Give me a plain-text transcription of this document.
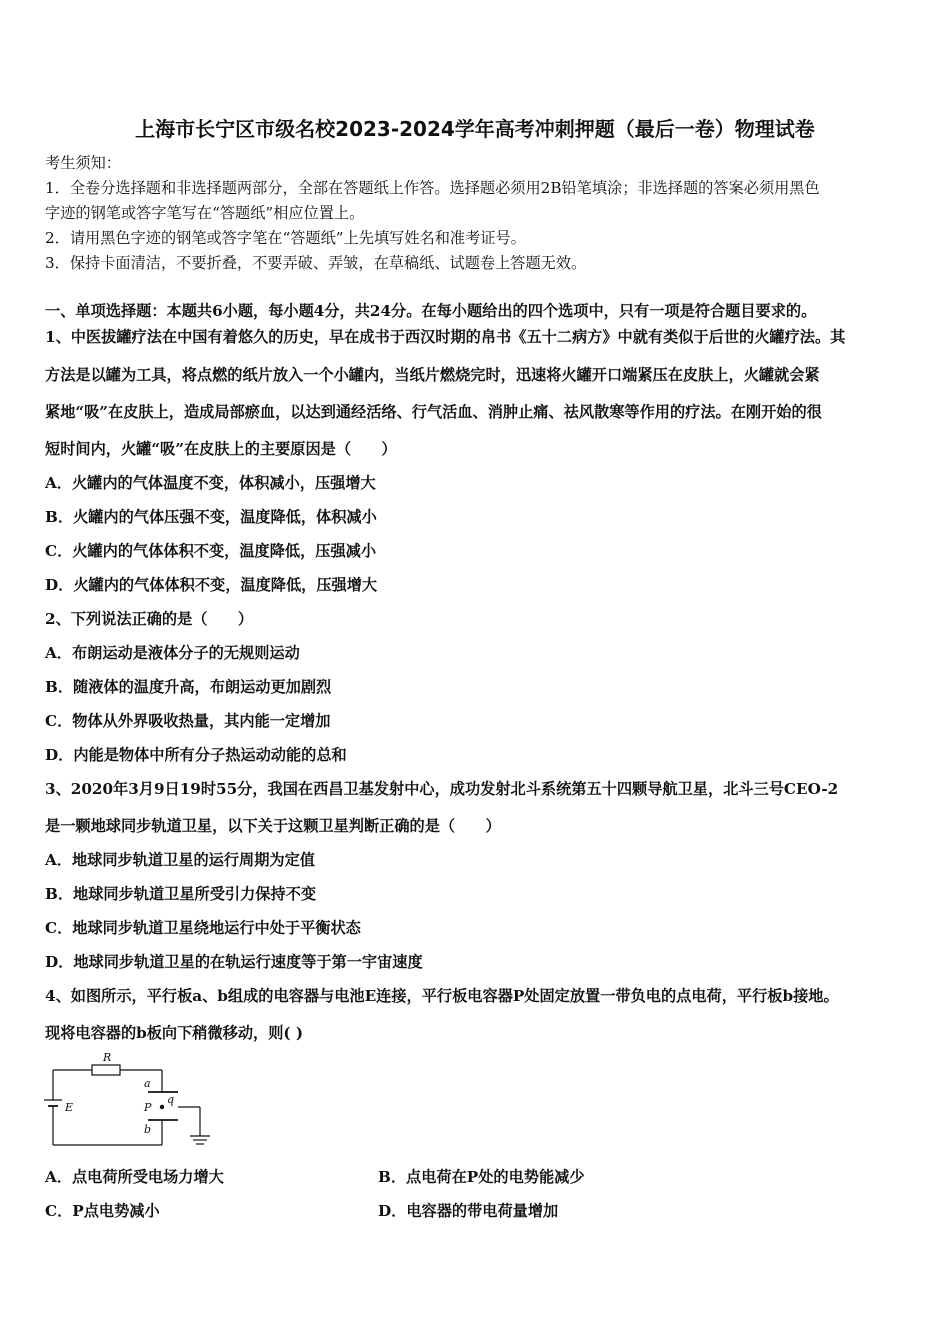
上海市长宁区市级名校2023-2024学年高考冲刺押题（最后一卷）物理试卷
考生须知：
1．全卷分选择题和非选择题两部分，全部在答题纸上作答。选择题必须用2B铅笔填涂；非选择题的答案必须用黑色
字迹的钢笔或答字笔写在“答题纸”相应位置上。
2．请用黑色字迹的钢笔或答字笔在“答题纸”上先填写姓名和准考证号。
3．保持卡面清洁，不要折叠，不要弄破、弄皱，在草稿纸、试题卷上答题无效。
一、单项选择题：本题共6小题，每小题4分，共24分。在每小题给出的四个选项中，只有一项是符合题目要求的。
1、中医拔罐疗法在中国有着悠久的历史，早在成书于西汉时期的帛书《五十二病方》中就有类似于后世的火罐疗法。其
方法是以罐为工具，将点燃的纸片放入一个小罐内，当纸片燃烧完时，迅速将火罐开口端紧压在皮肤上，火罐就会紧
紧地“吸”在皮肤上，造成局部瘀血，以达到通经活络、行气活血、消肿止痛、祛风散寒等作用的疗法。在刚开始的很
短时间内，火罐“吸”在皮肤上的主要原因是（　　）
A．火罐内的气体温度不变，体积减小，压强增大
B．火罐内的气体压强不变，温度降低，体积减小
C．火罐内的气体体积不变，温度降低，压强减小
D．火罐内的气体体积不变，温度降低，压强增大
2、下列说法正确的是（　　）
A．布朗运动是液体分子的无规则运动
B．随液体的温度升高，布朗运动更加剧烈
C．物体从外界吸收热量，其内能一定增加
D．内能是物体中所有分子热运动动能的总和
3、2020年3月9日19时55分，我国在西昌卫基发射中心，成功发射北斗系统第五十四颗导航卫星，北斗三号CEO-2
是一颗地球同步轨道卫星，以下关于这颗卫星判断正确的是（　　）
A．地球同步轨道卫星的运行周期为定值
B．地球同步轨道卫星所受引力保持不变
C．地球同步轨道卫星绕地运行中处于平衡状态
D．地球同步轨道卫星的在轨运行速度等于第一宇宙速度
4、如图所示，平行板a、b组成的电容器与电池E连接，平行板电容器P处固定放置一带负电的点电荷，平行板b接地。
现将电容器的b板向下稍微移动，则( )
R
a
b
E	P
q
A．点电荷所受电场力增大	B．点电荷在P处的电势能减少
C．P点电势减小	D．电容器的带电荷量增加
